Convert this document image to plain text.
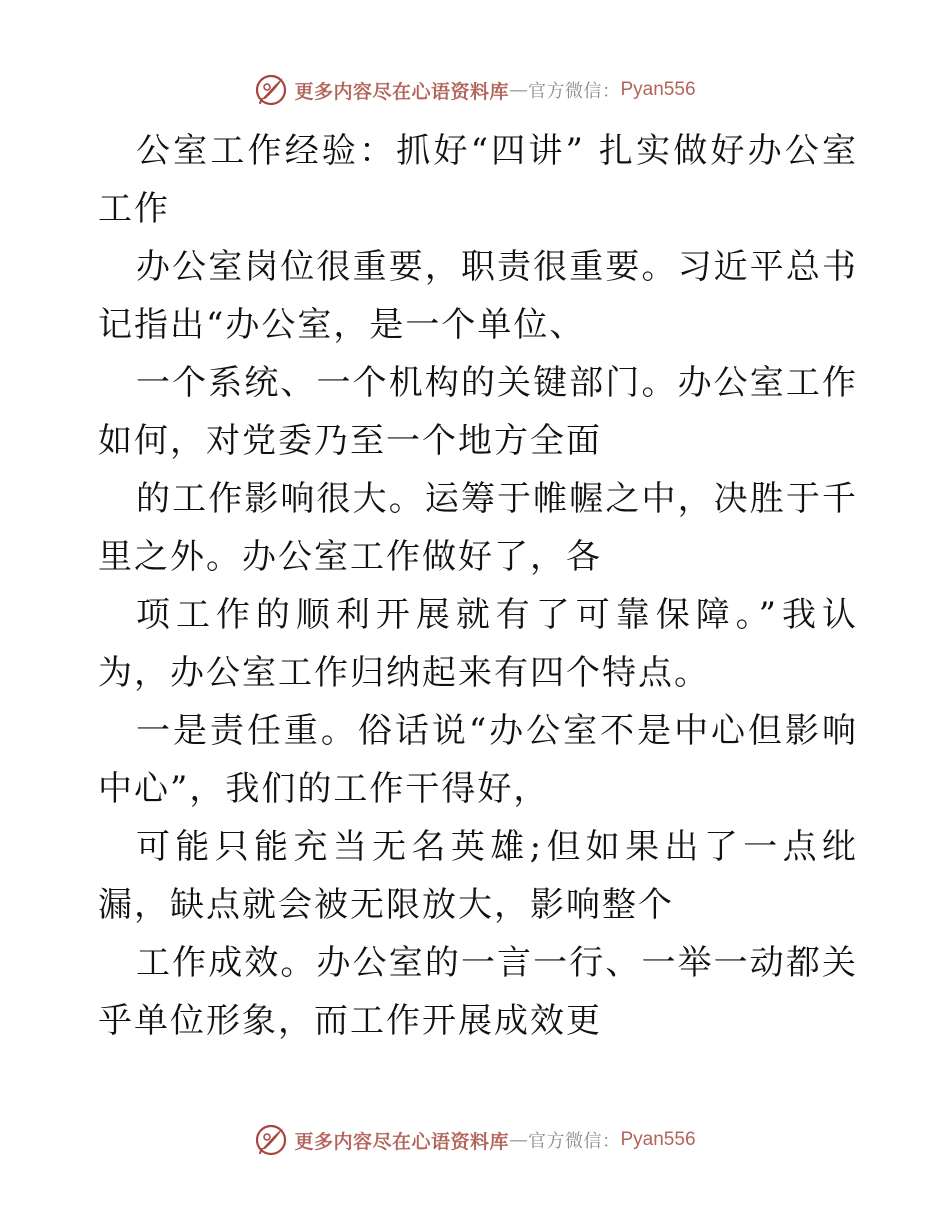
更多内容尽在心语资料库 — 官方微信： Pyan556

公室工作经验：抓好“四讲” 扎实做好办公室工作

办公室岗位很重要，职责很重要。习近平总书记指出“办公室，是一个单位、

一个系统、一个机构的关键部门。办公室工作如何，对党委乃至一个地方全面

的工作影响很大。运筹于帷幄之中，决胜于千里之外。办公室工作做好了，各

项工作的顺利开展就有了可靠保障。”我认为，办公室工作归纳起来有四个特点。

一是责任重。俗话说“办公室不是中心但影响中心”，我们的工作干得好，

可能只能充当无名英雄;但如果出了一点纰漏，缺点就会被无限放大，影响整个

工作成效。办公室的一言一行、一举一动都关乎单位形象，而工作开展成效更

更多内容尽在心语资料库 — 官方微信： Pyan556
